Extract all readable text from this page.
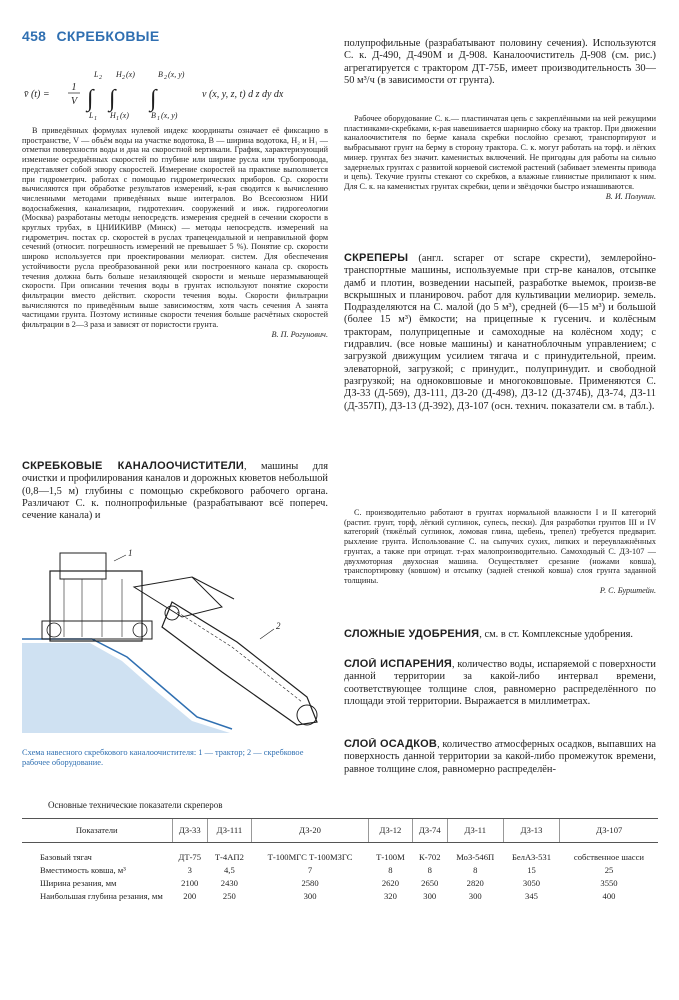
458 СКРЕБКОВЫЕ
v̄ (t) =
1
V ∫
L 2
L 1
∫
H 2 (x)
H 1 (x)
∫
B 2 (x, y)
B 1 (x, y)
v (x, y, z, t) d z dy dx

В приведённых формулах нулевой индекс координаты означает её фиксацию в пространстве, V — объём воды на участке водотока, B — ширина водотока, H₂ и H₁ — отметки поверхности воды и дна на скоростной вертикали. График, характеризующий изменение осреднённых скоростей по глубине или ширине русла или трубопровода, представляет собой эпюру скоростей. Измерение скоростей на практике выполняется при гидрометрич. работах с помощью гидрометрических приборов. Ср. скорости вычисляются при обработке результатов измерений, к-рая сводится к вычислению численными методами приведённых выше интегралов. Во Всесоюзном НИИ водоснабжения, канализации, гидротехнич. сооружений и инж. гидрогеологии (Москва) разработаны методы непосредств. измерения средней в сечении скорости в круглых трубах, в ЦНИИКИВР (Минск) — методы непосредств. измерений на гидрометрич. постах ср. скоростей в руслах трапецеидальной и неправильной форм сечений (относит. погрешность измерений не превышает 5 %). Понятие ср. скорости широко используется при проектировании мелиорат. систем. Для обеспечения устойчивости русла преобразованной реки или построенного канала ср. скорость течения должна быть больше незаиляющей скорости и меньше неразмывающей скорости. При описании течения воды в грунтах используют понятие скорости фильтрации вместо действит. скорости течения воды. Скорости фильтрации вычисляются по приведённым выше зависимостям, хотя часть сечения A занята частицами грунта. Поэтому истинные скорости течения больше расчётных скоростей фильтрации в 2—3 раза и зависят от пористости грунта.

В. П. Рогунович.

СКРЕБКОВЫЕ КАНАЛООЧИСТИТЕЛИ, машины для очистки и профилирования каналов и дорожных кюветов небольшой (0,8—1,5 м) глубины с помощью скребкового рабочего органа. Различают С. к. полнопрофильные (разрабатывают всё попереч. сечение канала) и

1
2

Схема навесного скребкового каналоочистителя: 1 — трактор; 2 — скребковое рабочее оборудование.

полупрофильные (разрабатывают половину сечения). Используются С. к. Д-490, Д-490М и Д-908. Каналоочиститель Д-908 (см. рис.) агрегатируется с трактором ДТ-75Б, имеет производительность 30—50 м³/ч (в зависимости от грунта).

Рабочее оборудование С. к.— пластинчатая цепь с закреплёнными на ней режущими пластинками-скребками, к-рая навешивается шарнирно сбоку на трактор. При движении каналоочистителя по берме канала скребки послойно срезают, транспортируют и выбрасывают грунт на берму в сторону трактора. С. к. могут работать на торф. и лёгких минер. грунтах без значит. каменистых включений. Не пригодны для работы на сильно задернелых грунтах с развитой корневой системой растений (забивает элементы привода и цепь). Текучие грунты стекают со скребков, а влажные глинистые прилипают к ним. Для С. к. на каменистых грунтах скребки, цепи и звёздочки быстро изнашиваются.

В. И. Полунин.

СКРЕПЕРЫ (англ. scraper от scrape скрести), землеройно-транспортные машины, используемые при стр-ве каналов, отсыпке дамб и плотин, возведении насыпей, разработке выемок, произв-ве вскрышных и планировоч. работ для культивации мелиорир. земель. Подразделяются на С. малой (до 5 м³), средней (6—15 м³) и большой (более 15 м³) ёмкости; на прицепные к гусенич. и колёсным тракторам, полуприцепные и самоходные на колёсном ходу; с гидравлич. (все новые машины) и канатноблочным управлением; с загрузкой движущим усилием тягача и с принудительной, преим. элеваторной, загрузкой; с принудит., полупринудит. и свободной разгрузкой; на одноковшовые и многоковшовые. Применяются С. ДЗ-33 (Д-569), ДЗ-111, ДЗ-20 (Д-498), ДЗ-12 (Д-374Б), ДЗ-74, ДЗ-11 (Д-357П), ДЗ-13 (Д-392), ДЗ-107 (осн. технич. показатели см. в табл.).

С. производительно работают в грунтах нормальной влажности I и II категорий (растит. грунт, торф, лёгкий суглинок, супесь, пески). Для разработки грунтов III и IV категорий (тяжёлый суглинок, ломовая глина, щебень, трепел) требуется предварит. рыхление грунта. Использование С. на сыпучих сухих, липких и переувлажнённых грунтах, а также при отрицат. т-рах малопроизводительно. Самоходный С. ДЗ-107 — двухмоторная двухосная машина. Осуществляет срезание (ножами ковша), транспортировку (ковшом) и отсыпку (задней стенкой ковша) слоя грунта заданной толщины.

Р. С. Бурштейн.

СЛОЖНЫЕ УДОБРЕНИЯ, см. в ст. Комплексные удобрения.

СЛОЙ ИСПАРЕНИЯ, количество воды, испаряемой с поверхности данной территории за какой-либо интервал времени, соответствующее толщине слоя, равномерно распределённого по площади этой территории. Выражается в миллиметрах.

СЛОЙ ОСАДКОВ, количество атмосферных осадков, выпавших на поверхность данной территории за какой-либо промежуток времени, равное толщине слоя, равномерно распределён-

Основные технические показатели скреперов
Показатели	ДЗ-33	ДЗ-111	ДЗ-20	ДЗ-12	ДЗ-74	ДЗ-11	ДЗ-13	ДЗ-107
Базовый тягач	ДТ-75	Т-4АП2	Т-100МГС Т-100МЗГС	Т-100М	К-702	МоЗ-546П	БелАЗ-531	собственное шасси
Вместимость ковша, м³	3	4,5	7	8	8	8	15	25
Ширина резания, мм	2100	2430	2580	2620	2650	2820	3050	3550
Наибольшая глубина резания, мм	200	250	300	320	300	300	345	400
